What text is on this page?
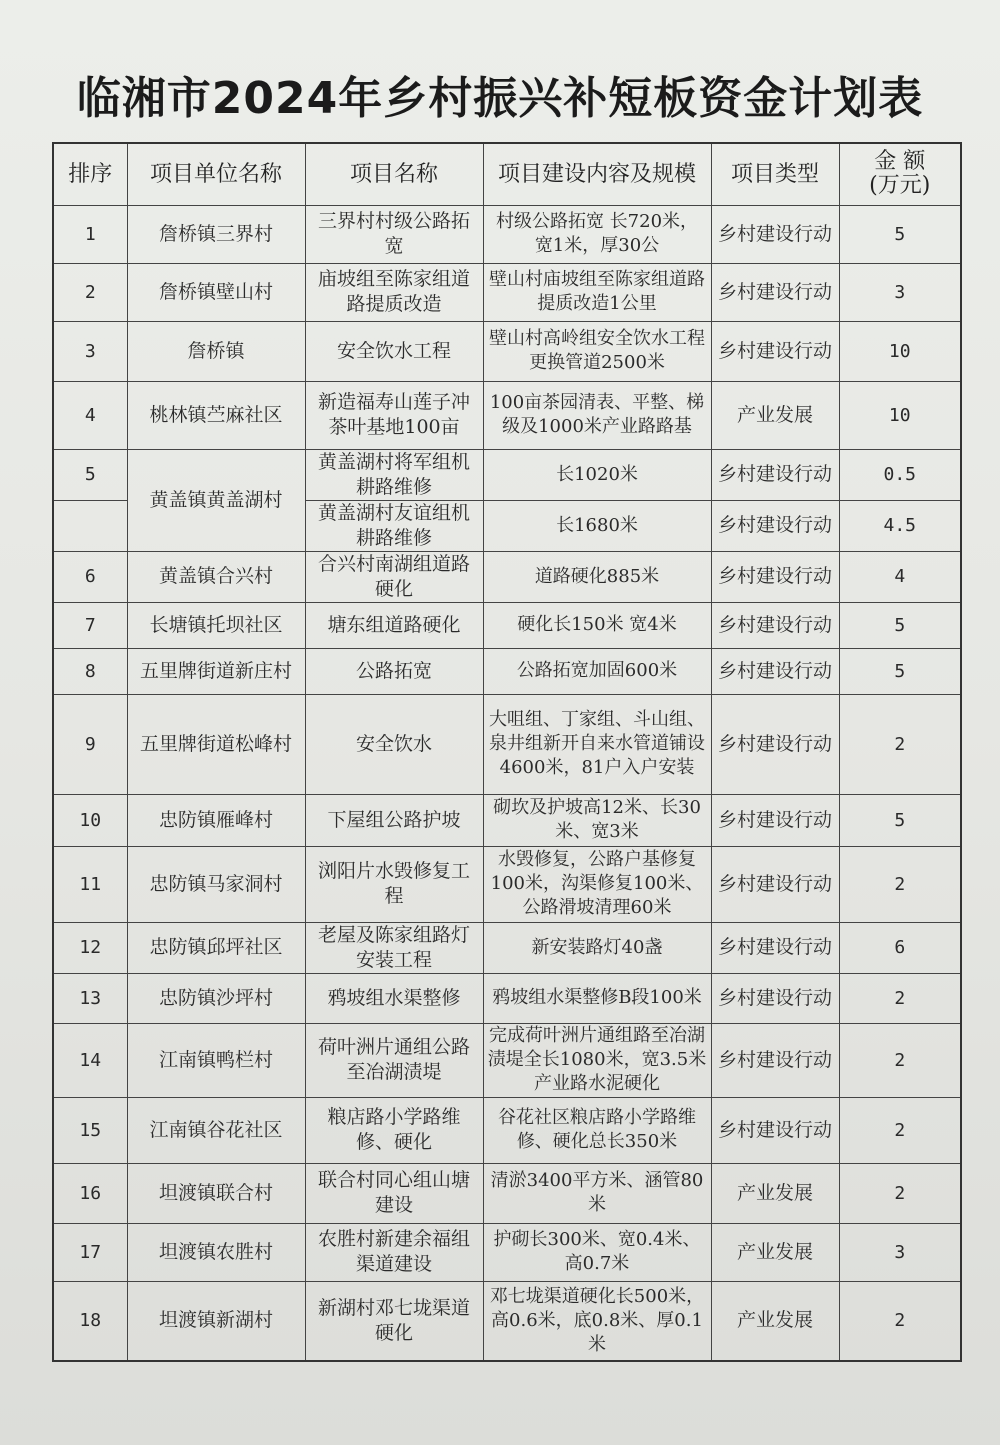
临湘市2024年乡村振兴补短板资金计划表
排序	项目单位名称	项目名称	项目建设内容及规模	项目类型	金 额
(万元)
1	詹桥镇三界村	三界村村级公路拓宽	村级公路拓宽 长720米，宽1米，厚30公	乡村建设行动	5
2	詹桥镇壁山村	庙坡组至陈家组道路提质改造	壁山村庙坡组至陈家组道路提质改造1公里	乡村建设行动	3
3	詹桥镇	安全饮水工程	壁山村高岭组安全饮水工程更换管道2500米	乡村建设行动	10
4	桃林镇苎麻社区	新造福寿山莲子冲茶叶基地100亩	100亩茶园清表、平整、梯级及1000米产业路路基	产业发展	10
5	黄盖镇黄盖湖村	黄盖湖村将军组机耕路维修	长1020米	乡村建设行动	0.5
		黄盖湖村友谊组机耕路维修	长1680米	乡村建设行动	4.5
6	黄盖镇合兴村	合兴村南湖组道路硬化	道路硬化885米	乡村建设行动	4
7	长塘镇托坝社区	塘东组道路硬化	硬化长150米 宽4米	乡村建设行动	5
8	五里牌街道新庄村	公路拓宽	公路拓宽加固600米	乡村建设行动	5
9	五里牌街道松峰村	安全饮水	大咀组、丁家组、斗山组、泉井组新开自来水管道铺设4600米，81户入户安装	乡村建设行动	2
10	忠防镇雁峰村	下屋组公路护坡	砌坎及护坡高12米、长30米、宽3米	乡村建设行动	5
11	忠防镇马家洞村	浏阳片水毁修复工程	水毁修复，公路户基修复100米，沟渠修复100米、公路滑坡清理60米	乡村建设行动	2
12	忠防镇邱坪社区	老屋及陈家组路灯安装工程	新安装路灯40盏	乡村建设行动	6
13	忠防镇沙坪村	鸦坡组水渠整修	鸦坡组水渠整修B段100米	乡村建设行动	2
14	江南镇鸭栏村	荷叶洲片通组公路至冶湖渍堤	完成荷叶洲片通组路至冶湖渍堤全长1080米，宽3.5米产业路水泥硬化	乡村建设行动	2
15	江南镇谷花社区	粮店路小学路维修、硬化	谷花社区粮店路小学路维修、硬化总长350米	乡村建设行动	2
16	坦渡镇联合村	联合村同心组山塘建设	清淤3400平方米、涵管80米	产业发展	2
17	坦渡镇农胜村	农胜村新建余福组渠道建设	护砌长300米、宽0.4米、高0.7米	产业发展	3
18	坦渡镇新湖村	新湖村邓七垅渠道硬化	邓七垅渠道硬化长500米，高0.6米，底0.8米、厚0.1米	产业发展	2
